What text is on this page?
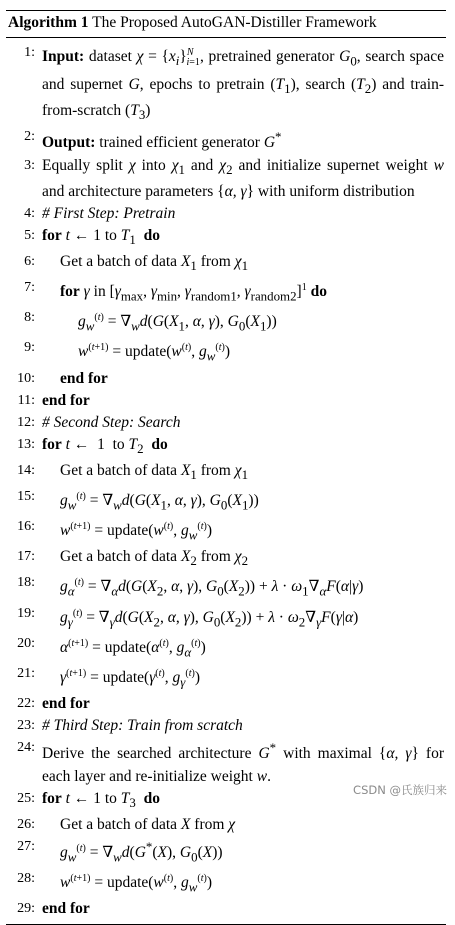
Algorithm 1 The Proposed AutoGAN-Distiller Framework
1: Input: dataset $\chi = \{x_i\}^N_{i=1}$, pretrained generator $G_0$, search space and supernet G, epochs to pretrain $(T_1)$, search $(T_2)$ and train-from-scratch $(T_3)$
2: Output: trained efficient generator G*
3: Equally split χ into $\chi_1$ and $\chi_2$ and initialize supernet weight w and architecture parameters {α, γ} with uniform distribution
4: # First Step: Pretrain
5: for t ← 1 to $T_1$ do
6: Get a batch of data $X_1$ from $\chi_1$
7: for γ in [$\gamma_{max}$, $\gamma_{min}$, $\gamma_{random1}$, $\gamma_{random2}]^1$ do
8:	$g_w^{(t)} = \nabla_wd(G(X_1$, α, γ), $G_0(X_1)$)
9:	$w^{(t+1)}$ = $update(w^{(t)}$, $g_w^{(t)}$)
10: end for
11: end for
12: # Second Step: Search
13: for t ←  1  to $T_2$ do
14: Get a batch of data $X_1$ from $\chi_1$
15: $g_w^{(t)} = \nabla_wd(G(X_1$, α, γ), $G_0(X_1)$)
16: $w^{(t+1)}$ = $update(w^{(t)}$, $g_w^{(t)}$)
17: Get a batch of data $X_2$ from $\chi_2$
18: $g_\alpha^{(t)} = \nabla_\alpha d(G(X_2$, α, γ), $G_0(X_2)) + \lambda \cdot \omega_1\nabla_\alpha F(\alpha|\gamma)$
19: $g_\gamma^{(t)} = \nabla_\gamma d(G(X_2$, α, γ), $G_0(X_2)) + \lambda \cdot \omega_2\nabla_\gamma F(\gamma|\alpha)$
20: $\alpha^{(t+1)}$ = $update(\alpha^{(t)}$, $g_\alpha^{(t)}$)
21: $\gamma^{(t+1)}$ = $update(\gamma^{(t)}$, $g_\gamma^{(t)}$)
22: end for
23: # Third Step: Train from scratch
24: Derive the searched architecture G* with maximal {α, γ} for each layer and re-initialize weight w.
25: for t ← 1 to $T_3$ do
26: Get a batch of data X from χ
27: $g_w^{(t)} = \nabla_wd(G^*(X)$, $G_0(X)$)
28: $w^{(t+1)}$ = $update(w^{(t)}$, $g_w^{(t)}$)
29: end for
CSDN @氏族归来
